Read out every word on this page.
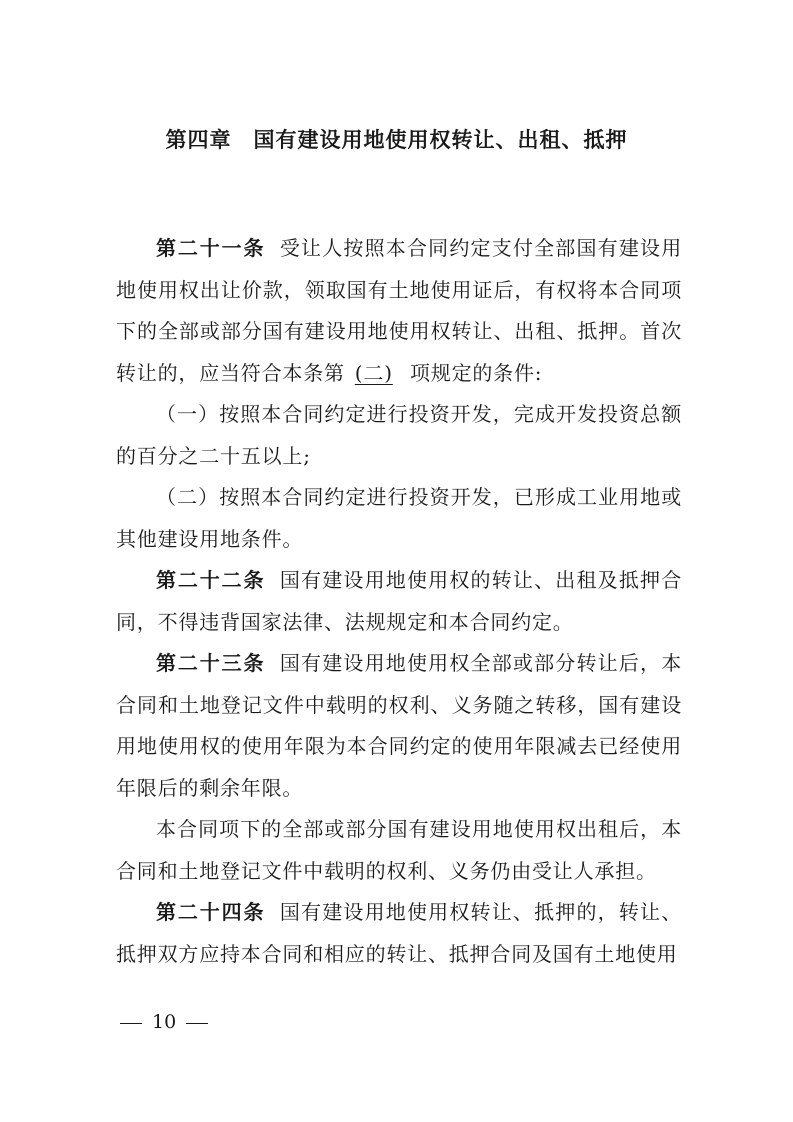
第四章 国有建设用地使用权转让、出租、抵押

第二十一条 受让人按照本合同约定支付全部国有建设用地使用权出让价款，领取国有土地使用证后，有权将本合同项下的全部或部分国有建设用地使用权转让、出租、抵押。首次转让的，应当符合本条第 (二) 项规定的条件:

（一）按照本合同约定进行投资开发，完成开发投资总额的百分之二十五以上;

（二）按照本合同约定进行投资开发，已形成工业用地或其他建设用地条件。

第二十二条 国有建设用地使用权的转让、出租及抵押合同，不得违背国家法律、法规规定和本合同约定。

第二十三条 国有建设用地使用权全部或部分转让后，本合同和土地登记文件中载明的权利、义务随之转移，国有建设用地使用权的使用年限为本合同约定的使用年限减去已经使用年限后的剩余年限。

本合同项下的全部或部分国有建设用地使用权出租后，本合同和土地登记文件中载明的权利、义务仍由受让人承担。

第二十四条 国有建设用地使用权转让、抵押的，转让、抵押双方应持本合同和相应的转让、抵押合同及国有土地使用

10
